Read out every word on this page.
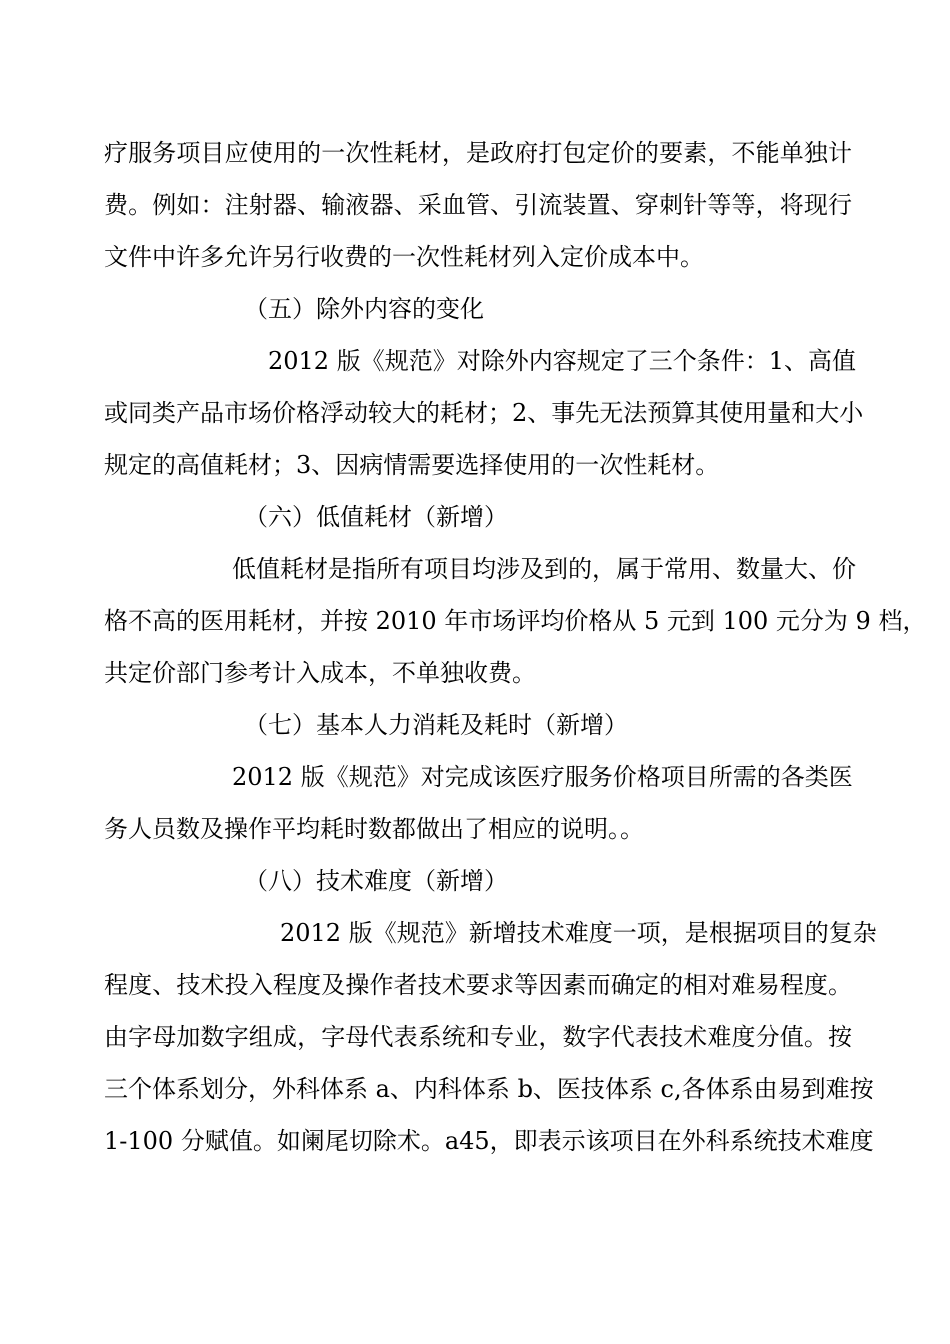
疗服务项目应使用的一次性耗材，是政府打包定价的要素，不能单独计
费。例如：注射器、输液器、采血管、引流装置、穿刺针等等，将现行
文件中许多允许另行收费的一次性耗材列入定价成本中。
（五）除外内容的变化
2012 版《规范》对除外内容规定了三个条件：1、高值
或同类产品市场价格浮动较大的耗材；2、事先无法预算其使用量和大小
规定的高值耗材；3、因病情需要选择使用的一次性耗材。
（六）低值耗材（新增）
低值耗材是指所有项目均涉及到的，属于常用、数量大、价
格不高的医用耗材，并按 2010 年市场评均价格从 5 元到 100 元分为 9 档，
共定价部门参考计入成本，不单独收费。
（七）基本人力消耗及耗时（新增）
2012 版《规范》对完成该医疗服务价格项目所需的各类医
务人员数及操作平均耗时数都做出了相应的说明。。
（八）技术难度（新增）
2012 版《规范》新增技术难度一项，是根据项目的复杂
程度、技术投入程度及操作者技术要求等因素而确定的相对难易程度。
由字母加数字组成，字母代表系统和专业，数字代表技术难度分值。按
三个体系划分，外科体系 a、内科体系 b、医技体系 c,各体系由易到难按
1-100 分赋值。如阑尾切除术。a45，即表示该项目在外科系统技术难度
